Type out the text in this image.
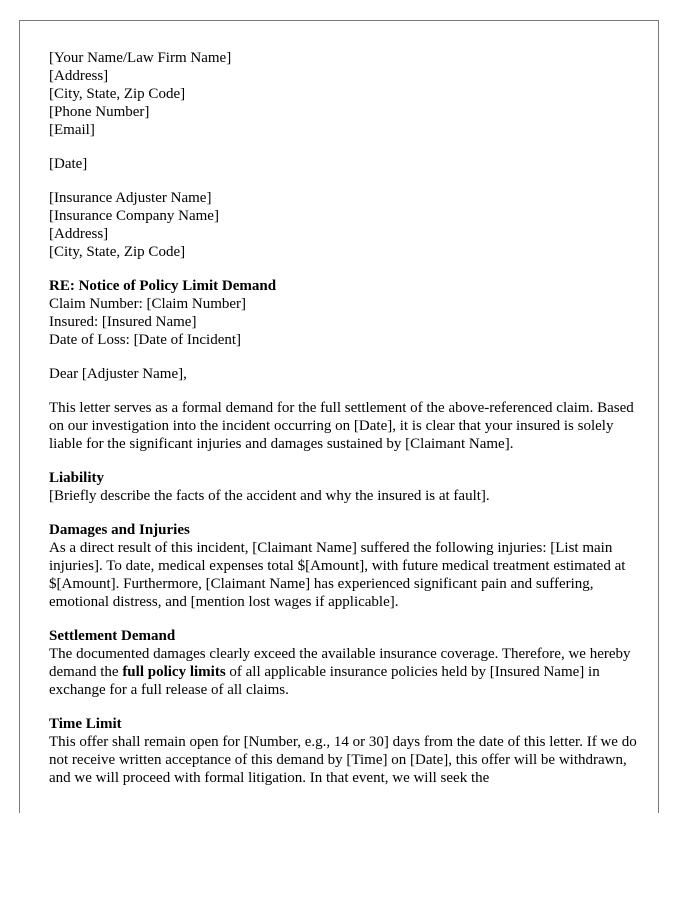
[Your Name/Law Firm Name]
[Address]
[City, State, Zip Code]
[Phone Number]
[Email]
[Date]
[Insurance Adjuster Name]
[Insurance Company Name]
[Address]
[City, State, Zip Code]
RE: Notice of Policy Limit Demand
Claim Number: [Claim Number]
Insured: [Insured Name]
Date of Loss: [Date of Incident]
Dear [Adjuster Name],
This letter serves as a formal demand for the full settlement of the above-referenced claim. Based on our investigation into the incident occurring on [Date], it is clear that your insured is solely liable for the significant injuries and damages sustained by [Claimant Name].
Liability
[Briefly describe the facts of the accident and why the insured is at fault].
Damages and Injuries
As a direct result of this incident, [Claimant Name] suffered the following injuries: [List main injuries]. To date, medical expenses total $[Amount], with future medical treatment estimated at $[Amount]. Furthermore, [Claimant Name] has experienced significant pain and suffering, emotional distress, and [mention lost wages if applicable].
Settlement Demand
The documented damages clearly exceed the available insurance coverage. Therefore, we hereby demand the full policy limits of all applicable insurance policies held by [Insured Name] in exchange for a full release of all claims.
Time Limit
This offer shall remain open for [Number, e.g., 14 or 30] days from the date of this letter. If we do not receive written acceptance of this demand by [Time] on [Date], this offer will be withdrawn, and we will proceed with formal litigation. In that event, we will seek the
